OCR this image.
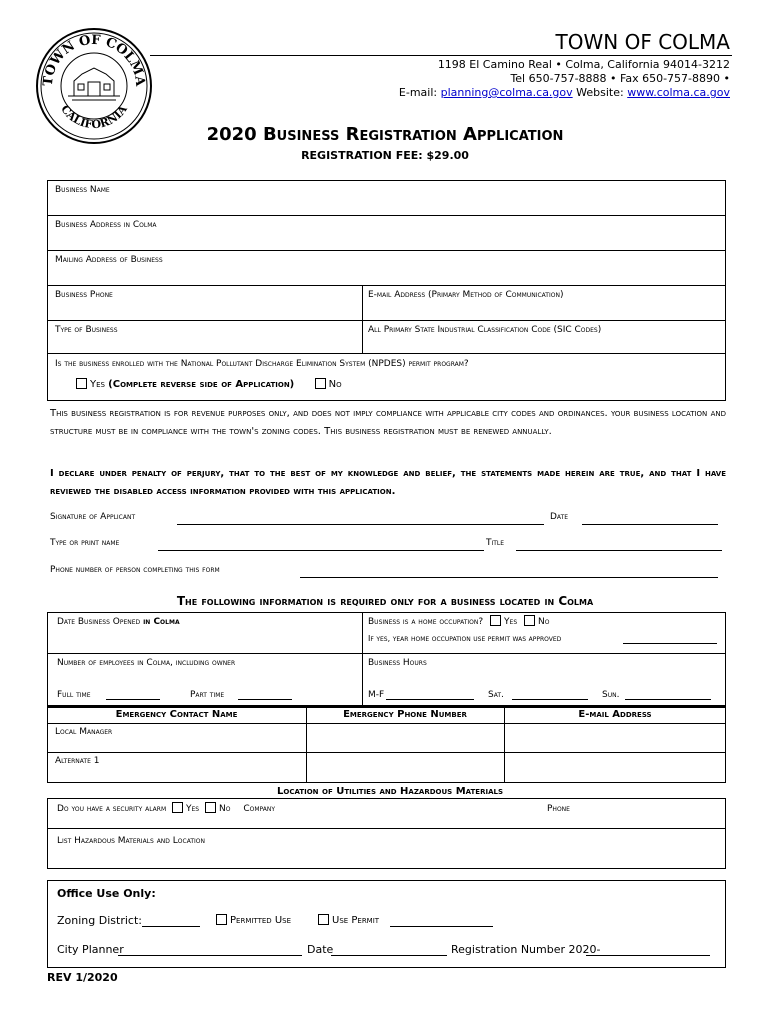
TOWN OF COLMA
CALIFORNIA
TOWN OF COLMA
1198 El Camino Real • Colma, California 94014-3212
Tel 650-757-8888 • Fax 650-757-8890 •
E-mail: planning@colma.ca.gov Website: www.colma.ca.gov
2020 Business Registration Application
REGISTRATION FEE: $29.00
Business Name
Business Address in Colma
Mailing Address of Business
Business Phone	E-mail Address (Primary Method of Communication)
Type of Business	All Primary State Industrial Classification Code (SIC Codes)
Is the business enrolled with the National Pollutant Discharge Elimination System (NPDES) permit program?
Yes (Complete reverse side of Application)	No
This business registration is for revenue purposes only, and does not imply compliance with applicable city codes and ordinances. your business location and structure must be in compliance with the town's zoning codes. This business registration must be renewed annually.
I declare under penalty of perjury, that to the best of my knowledge and belief, the statements made herein are true, and that I have reviewed the disabled access information provided with this application.
Signature of Applicant	Date
Type or print name	Title
Phone number of person completing this form
The following information is required only for a business located in Colma
Date Business Opened in Colma	Business is a home occupation? Yes No
If yes, year home occupation use permit was approved
Number of employees in Colma, including owner	Business Hours
Full time	Part time	M-F	Sat.	Sun.
Emergency Contact Name	Emergency Phone Number	E-mail Address
Local Manager
Alternate 1
Location of Utilities and Hazardous Materials
Do you have a security alarm Yes No Company	Phone
List Hazardous Materials and Location
Office Use Only:
Zoning District:	Permitted Use	Use Permit
City Planner	Date	Registration Number 2020-
REV 1/2020
